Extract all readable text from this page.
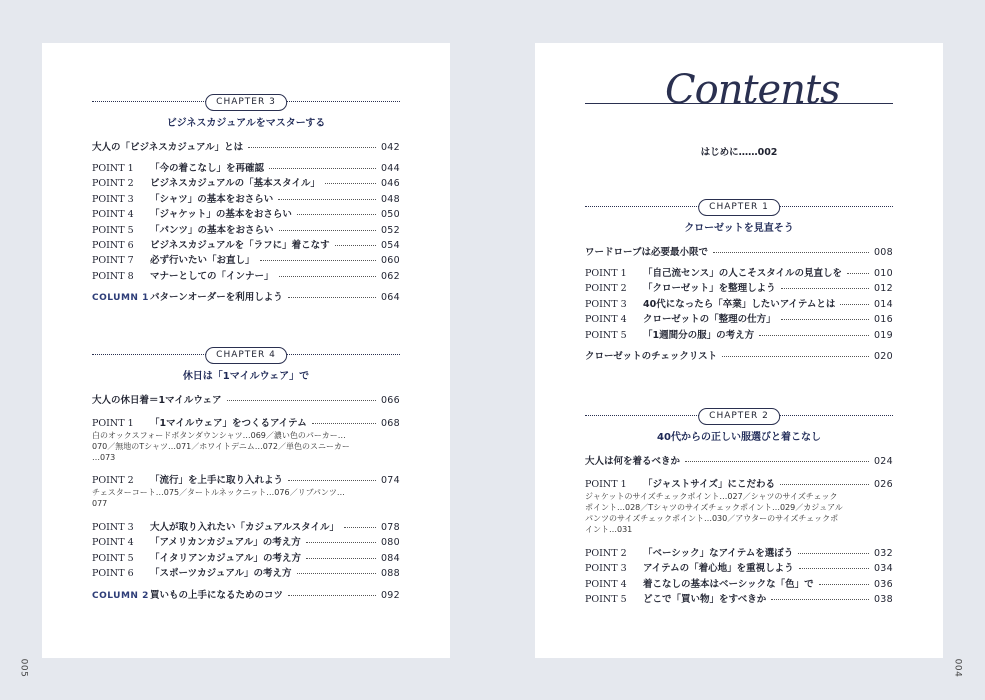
CHAPTER 3
ビジネスカジュアルをマスターする
大人の「ビジネスカジュアル」とは	042
POINT 1	「今の着こなし」を再確認	044
POINT 2	ビジネスカジュアルの「基本スタイル」	046
POINT 3	「シャツ」の基本をおさらい	048
POINT 4	「ジャケット」の基本をおさらい	050
POINT 5	「パンツ」の基本をおさらい	052
POINT 6	ビジネスカジュアルを「ラフに」着こなす	054
POINT 7	必ず行いたい「お直し」	060
POINT 8	マナーとしての「インナー」	062
COLUMN 1 パターンオーダーを利用しよう	064
CHAPTER 4
休日は「1マイルウェア」で
大人の休日着＝1マイルウェア	066
POINT 1	「1マイルウェア」をつくるアイテム	068
白のオックスフォードボタンダウンシャツ…069／濃い色のパーカー…
070／無地のTシャツ…071／ホワイトデニム…072／単色のスニーカー
…073
POINT 2	「流行」を上手に取り入れよう	074
チェスターコート…075／タートルネックニット…076／リブパンツ…
077
POINT 3	大人が取り入れたい「カジュアルスタイル」	078
POINT 4	「アメリカンカジュアル」の考え方	080
POINT 5	「イタリアンカジュアル」の考え方	084
POINT 6	「スポーツカジュアル」の考え方	088
COLUMN 2 買いもの上手になるためのコツ	092
005	004
Contents
はじめに……002
CHAPTER 1
クローゼットを見直そう
ワードローブは必要最小限で	008
POINT 1	「自己流センス」の人こそスタイルの見直しを	010
POINT 2	「クローゼット」を整理しよう	012
POINT 3	40代になったら「卒業」したいアイテムとは	014
POINT 4	クローゼットの「整理の仕方」	016
POINT 5	「1週間分の服」の考え方	019
クローゼットのチェックリスト	020
CHAPTER 2
40代からの正しい服選びと着こなし
大人は何を着るべきか	024
POINT 1	「ジャストサイズ」にこだわる	026
ジャケットのサイズチェックポイント…027／シャツのサイズチェック
ポイント…028／Tシャツのサイズチェックポイント…029／カジュアル
パンツのサイズチェックポイント…030／アウターのサイズチェックポ
イント…031
POINT 2	「ベーシック」なアイテムを選ぼう	032
POINT 3	アイテムの「着心地」を重視しよう	034
POINT 4	着こなしの基本はベーシックな「色」で	036
POINT 5	どこで「買い物」をすべきか	038
